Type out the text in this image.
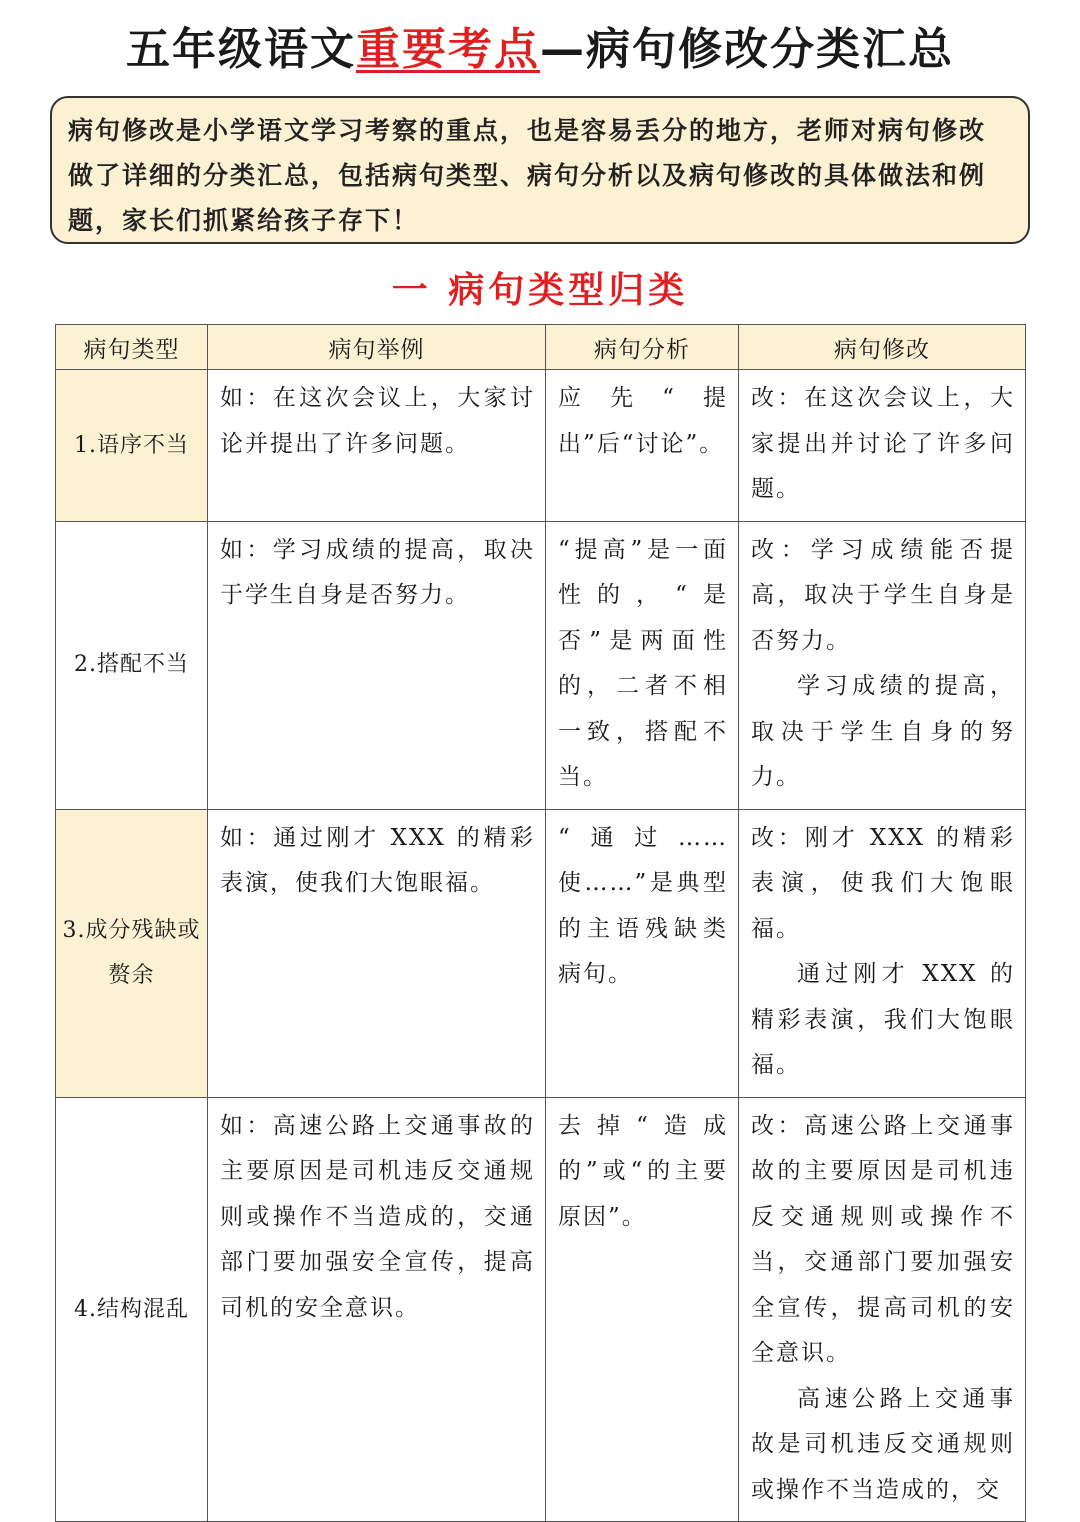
五年级语文重要考点—病句修改分类汇总
病句修改是小学语文学习考察的重点，也是容易丢分的地方，老师对病句修改做了详细的分类汇总，包括病句类型、病句分析以及病句修改的具体做法和例题，家长们抓紧给孩子存下！
一 病句类型归类
病句类型	病句举例	病句分析	病句修改
1.语序不当	如：在这次会议上，大家讨论并提出了许多问题。	应先“提出”后“讨论”。	改：在这次会议上，大家提出并讨论了许多问题。
2.搭配不当	如：学习成绩的提高，取决于学生自身是否努力。	“提高”是一面性的，“是否”是两面性的，二者不相一致，搭配不当。	改：学习成绩能否提高，取决于学生自身是否努力。
学习成绩的提高，取决于学生自身的努力。

3.成分残缺或赘余	如：通过刚才 XXX 的精彩表演，使我们大饱眼福。	“通过……使……”是典型的主语残缺类病句。	改：刚才 XXX 的精彩表演，使我们大饱眼福。
通过刚才 XXX 的精彩表演，我们大饱眼福。

4.结构混乱	如：高速公路上交通事故的主要原因是司机违反交通规则或操作不当造成的，交通部门要加强安全宣传，提高司机的安全意识。	去掉“造成的”或“的主要原因”。	改：高速公路上交通事故的主要原因是司机违反交通规则或操作不当，交通部门要加强安全宣传，提高司机的安全意识。
高速公路上交通事故是司机违反交通规则或操作不当造成的，交
